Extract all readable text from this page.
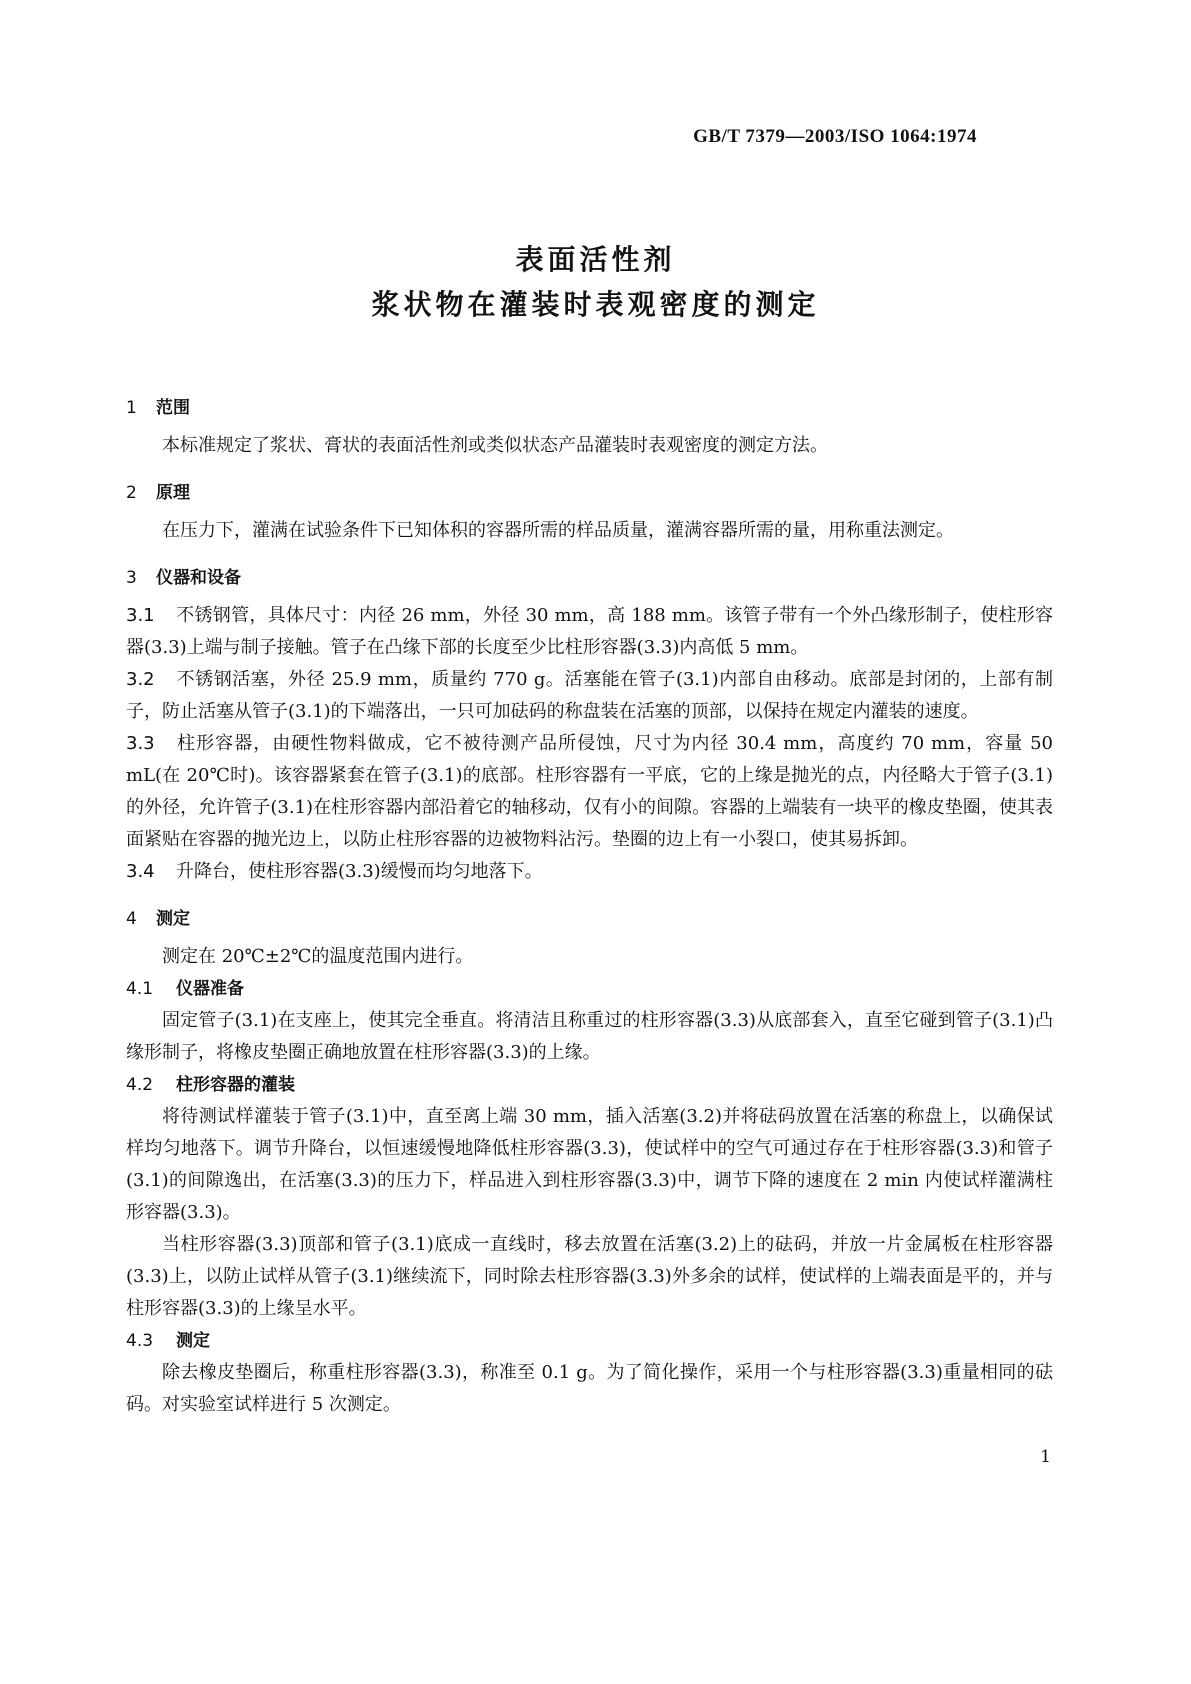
GB/T 7379—2003/ISO 1064:1974
表面活性剂
浆状物在灌装时表观密度的测定
1 范围

本标准规定了浆状、膏状的表面活性剂或类似状态产品灌装时表观密度的测定方法。

2 原理

在压力下，灌满在试验条件下已知体积的容器所需的样品质量，灌满容器所需的量，用称重法测定。

3 仪器和设备

3.1 不锈钢管，具体尺寸：内径 26 mm，外径 30 mm，高 188 mm。该管子带有一个外凸缘形制子，使柱形容器(3.3)上端与制子接触。管子在凸缘下部的长度至少比柱形容器(3.3)内高低 5 mm。

3.2 不锈钢活塞，外径 25.9 mm，质量约 770 g。活塞能在管子(3.1)内部自由移动。底部是封闭的，上部有制子，防止活塞从管子(3.1)的下端落出，一只可加砝码的称盘装在活塞的顶部，以保持在规定内灌装的速度。

3.3 柱形容器，由硬性物料做成，它不被待测产品所侵蚀，尺寸为内径 30.4 mm，高度约 70 mm，容量 50 mL(在 20℃时)。该容器紧套在管子(3.1)的底部。柱形容器有一平底，它的上缘是抛光的点，内径略大于管子(3.1)的外径，允许管子(3.1)在柱形容器内部沿着它的轴移动，仅有小的间隙。容器的上端装有一块平的橡皮垫圈，使其表面紧贴在容器的抛光边上，以防止柱形容器的边被物料沾污。垫圈的边上有一小裂口，使其易拆卸。

3.4 升降台，使柱形容器(3.3)缓慢而均匀地落下。

4 测定

测定在 20℃±2℃的温度范围内进行。

4.1 仪器准备

固定管子(3.1)在支座上，使其完全垂直。将清洁且称重过的柱形容器(3.3)从底部套入，直至它碰到管子(3.1)凸缘形制子，将橡皮垫圈正确地放置在柱形容器(3.3)的上缘。

4.2 柱形容器的灌装

将待测试样灌装于管子(3.1)中，直至离上端 30 mm，插入活塞(3.2)并将砝码放置在活塞的称盘上，以确保试样均匀地落下。调节升降台，以恒速缓慢地降低柱形容器(3.3)，使试样中的空气可通过存在于柱形容器(3.3)和管子(3.1)的间隙逸出，在活塞(3.3)的压力下，样品进入到柱形容器(3.3)中，调节下降的速度在 2 min 内使试样灌满柱形容器(3.3)。

当柱形容器(3.3)顶部和管子(3.1)底成一直线时，移去放置在活塞(3.2)上的砝码，并放一片金属板在柱形容器(3.3)上，以防止试样从管子(3.1)继续流下，同时除去柱形容器(3.3)外多余的试样，使试样的上端表面是平的，并与柱形容器(3.3)的上缘呈水平。

4.3 测定

除去橡皮垫圈后，称重柱形容器(3.3)，称准至 0.1 g。为了简化操作，采用一个与柱形容器(3.3)重量相同的砝码。对实验室试样进行 5 次测定。

1
